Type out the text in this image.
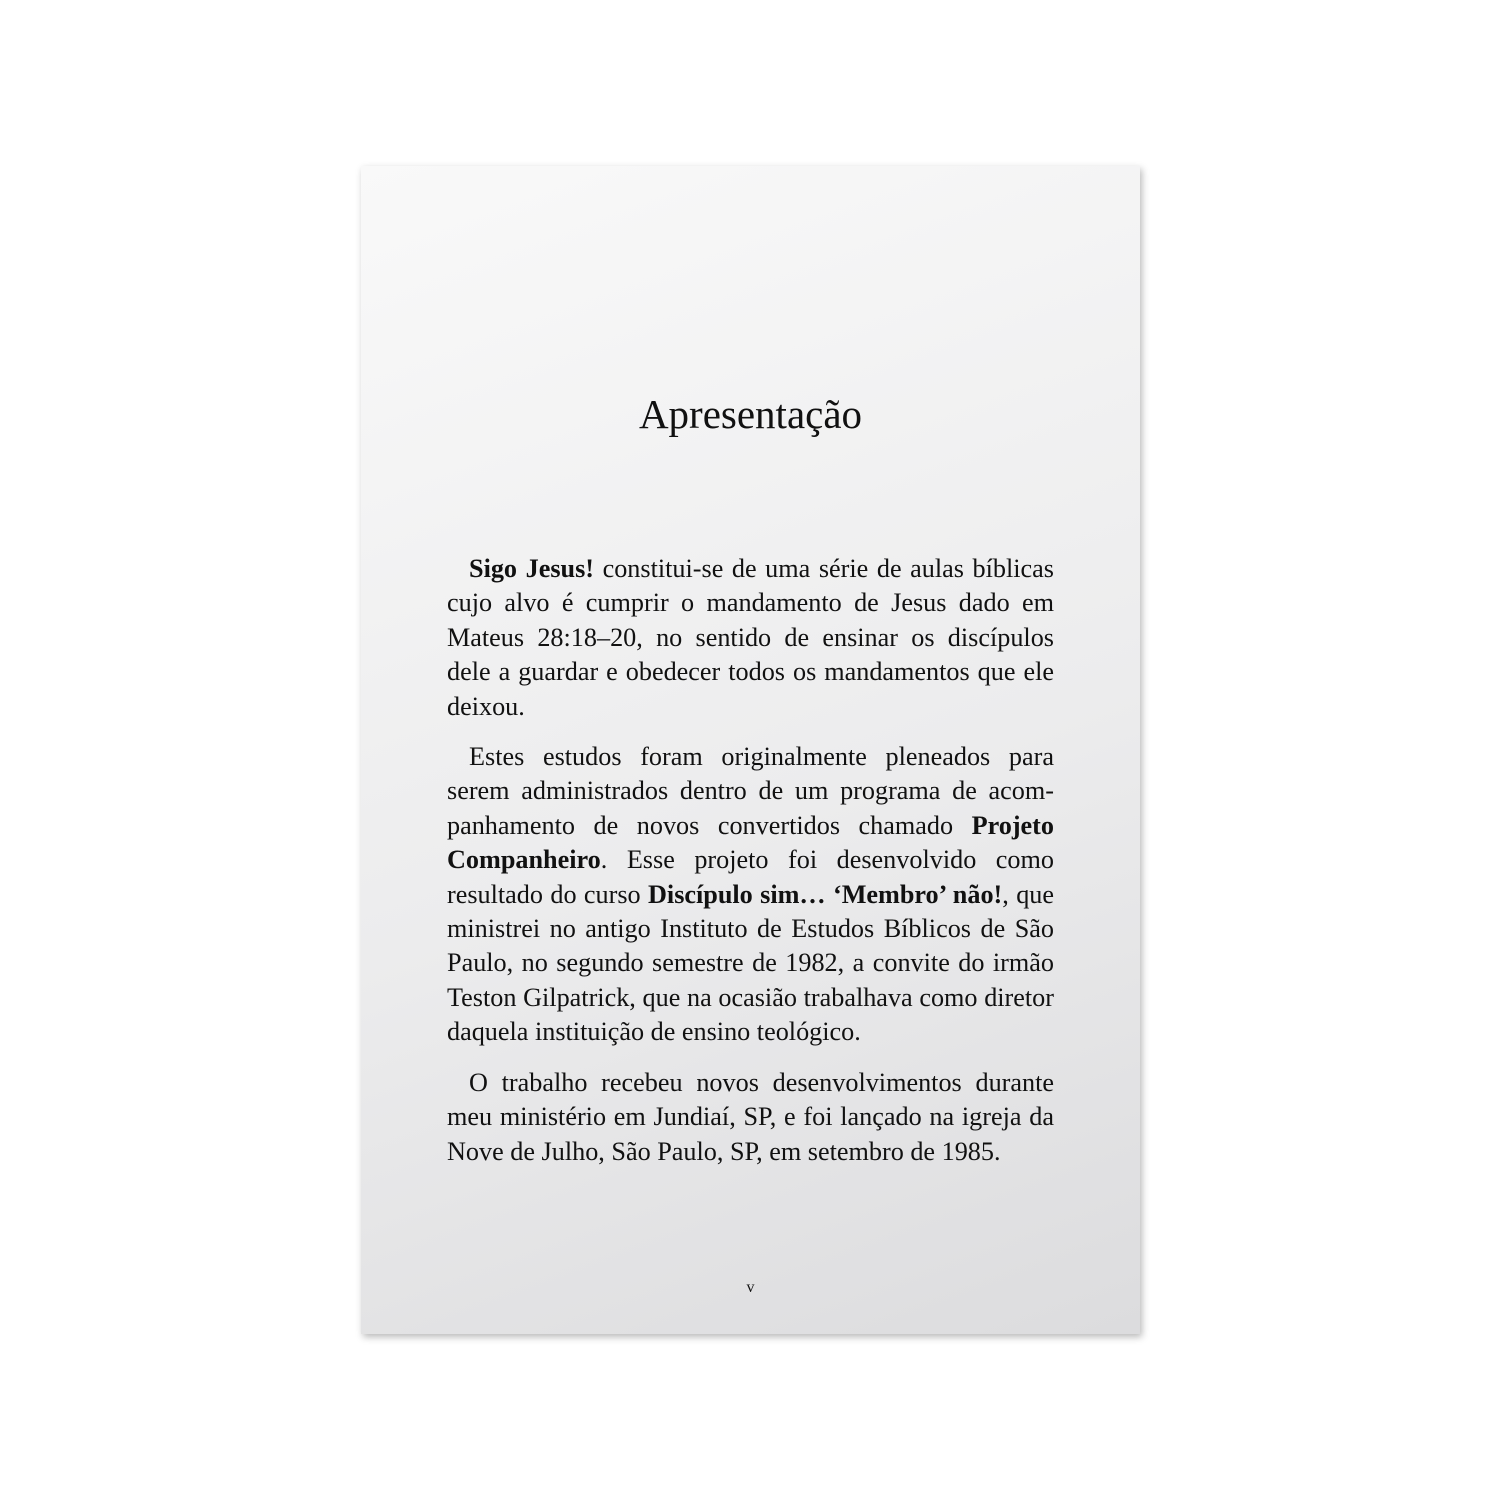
Apresentação

Sigo Jesus! constitui-se de uma série de aulas bíblicas cujo alvo é cumprir o mandamento de Jesus dado em Mateus 28:18–20, no sentido de ensinar os discípulos dele a guardar e obedecer todos os mandamentos que ele deixou.

Estes estudos foram originalmente pleneados para serem administrados dentro de um programa de acompanhamento de novos convertidos chamado Projeto Companheiro. Esse projeto foi desenvolvido como resultado do curso Discípulo sim… ‘Membro’ não!, que ministrei no antigo Instituto de Estudos Bíblicos de São Paulo, no segundo semestre de 1982, a convite do irmão Teston Gilpatrick, que na ocasião trabalhava como diretor daquela instituição de ensino teológico.

O trabalho recebeu novos desenvolvimentos durante meu ministério em Jundiaí, SP, e foi lançado na igreja da Nove de Julho, São Paulo, SP, em setembro de 1985.

v
